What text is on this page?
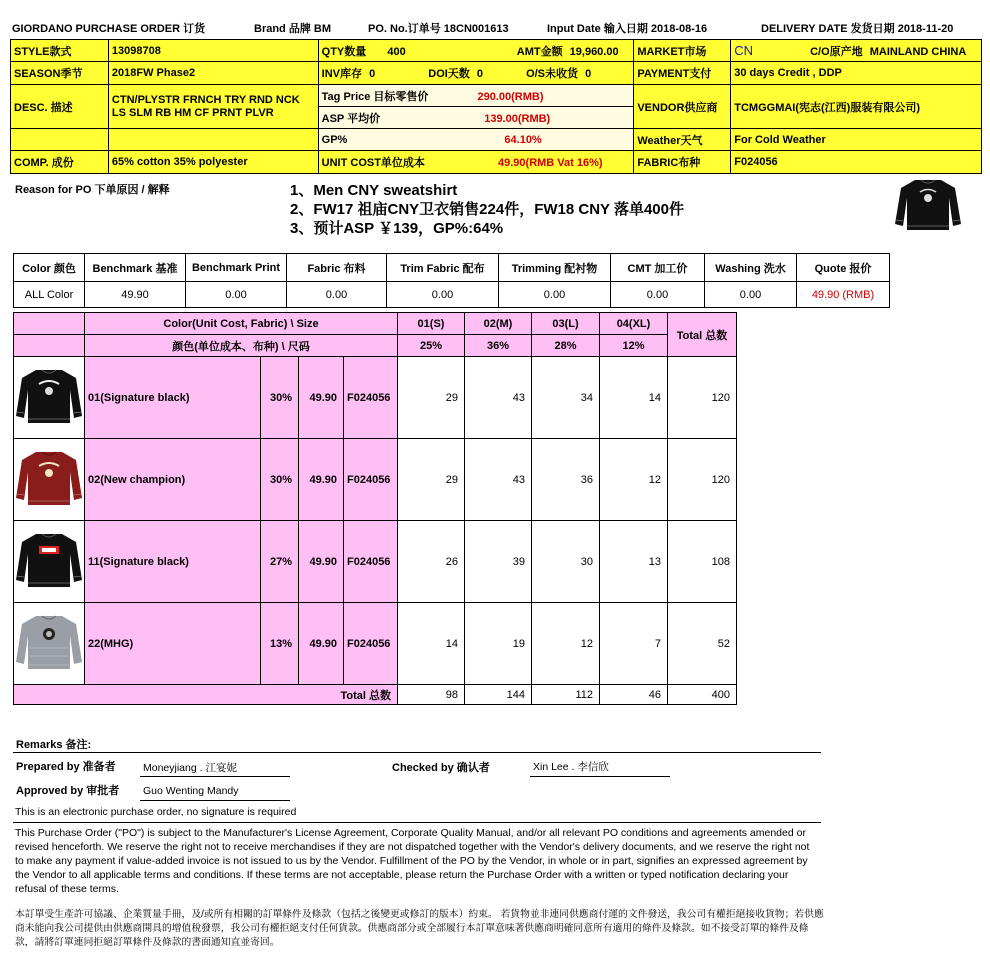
GIORDANO PURCHASE ORDER 订货	Brand 品牌 BM	PO. No.订单号 18CN001613	Input Date 输入日期 2018-08-16	DELIVERY DATE 发货日期 2018-11-20
STYLE款式	13098708	QTY数量 400 AMT金额 19,960.00	MARKET市场	CN C/O原产地 MAINLAND CHINA
SEASON季节	2018FW Phase2	INV库存 0 DOI天数 0 O/S未收货 0	PAYMENT支付	30 days Credit , DDP
DESC. 描述	CTN/PLYSTR FRNCH TRY RND NCK LS SLM RB HM CF PRNT PLVR	Tag Price 目标零售价 290.00(RMB)	VENDOR供应商	TCMGGMAI(宪志(江西)服装有限公司)
		ASP 平均价 139.00(RMB)		
		GP% 64.10%	Weather天气	For Cold Weather
COMP. 成份	65% cotton 35% polyester	UNIT COST单位成本 49.90(RMB Vat 16%)	FABRIC布种	F024056
Reason for PO 下单原因 / 解释	1、Men CNY sweatshirt
2、FW17 祖庙CNY卫衣销售224件，FW18 CNY 落单400件
3、预计ASP ￥139，GP%:64%
Color 颜色	Benchmark 基准	Benchmark Print	Fabric 布料	Trim Fabric 配布	Trimming 配衬物	CMT 加工价	Washing 洗水	Quote 报价
ALL Color	49.90	0.00	0.00	0.00	0.00	0.00	0.00	49.90 (RMB)
	Color(Unit Cost, Fabric) \ Size				01(S)	02(M)	03(L)	04(XL)	Total 总数
	颜色(单位成本、布种) \ 尺码				25%	36%	28%	12%	
	01(Signature black)	30%	49.90	F024056	29	43	34	14	120
	02(New champion)	30%	49.90	F024056	29	43	36	12	120
	11(Signature black)	27%	49.90	F024056	26	39	30	13	108
	22(MHG)	13%	49.90	F024056	14	19	12	7	52
Total 总数					98	144	112	46	400
Remarks 备注:
Prepared by 准备者	Moneyjiang . 江宴妮	Checked by 确认者	Xin Lee . 李信欣
Approved by 审批者 Guo Wenting Mandy
This is an electronic purchase order, no signature is required
This Purchase Order ("PO") is subject to the Manufacturer's License Agreement, Corporate Quality Manual, and/or all relevant PO conditions and agreements amended or revised henceforth. We reserve the right not to receive merchandises if they are not dispatched together with the Vendor's delivery documents, and we reserve the right not to make any payment if value-added invoice is not issued to us by the Vendor. Fulfillment of the PO by the Vendor, in whole or in part, signifies an expressed agreement by the Vendor to all applicable terms and conditions. If these terms are not acceptable, please return the Purchase Order with a written or typed notification declaring your refusal of these terms.
本訂單受生產許可協議、企業質量手冊，及/或所有相關的訂單條件及條款（包括之後變更或修訂的版本）約束。 若貨物並非連同供應商付運的文件發送，我公司有權拒絕接收貨物；若供應商未能向我公司提供由供應商開具的增值稅發票，我公司有權拒絕支付任何貨款。供應商部分或全部履行本訂單意味著供應商明確同意所有適用的條件及條款。如不接受訂單的條件及條款，請將訂單連同拒絕訂單條件及條款的書面通知直並寄回。
